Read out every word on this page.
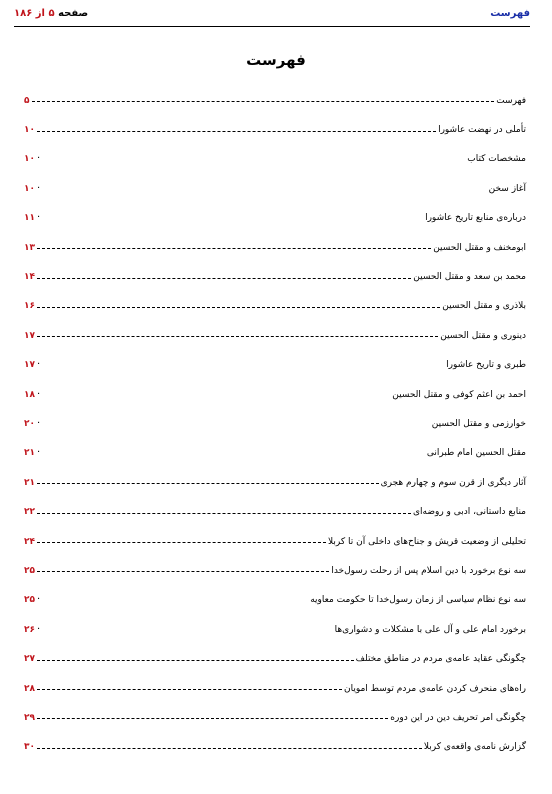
فهرست
صفحه ۵ از ۱۸۶
فهرست
فهرست
۵
تأملی در نهضت عاشورا
۱۰
مشخصات کتاب
۱۰
آغاز سخن
۱۰
درباره‌ی منابع تاریخ عاشورا
۱۱
ابومخنف و مقتل الحسین
۱۳
محمد بن سعد و مقتل الحسین
۱۴
بلاذری و مقتل الحسین
۱۶
دینوری و مقتل الحسین
۱۷
طبری و تاریخ عاشورا
۱۷
احمد بن اعثم کوفی و مقتل الحسین
۱۸
خوارزمی و مقتل الحسین
۲۰
مقتل الحسین امام طبرانی
۲۱
آثار دیگری از قرن سوم و چهارم هجری
۲۱
منابع داستانی، ادبی و روضه‌ای
۲۲
تحلیلی از وضعیت قریش و جناح‌های داخلی آن تا کربلا
۲۴
سه نوع برخورد با دین اسلام پس از رحلت رسول‌خدا
۲۵
سه نوع نظام سیاسی از زمان رسول‌خدا تا حکومت معاویه
۲۵
برخورد امام علی و آل علی با مشکلات و دشواری‌ها
۲۶
چگونگی عقاید عامه‌ی مردم در مناطق مختلف
۲۷
راه‌های منحرف کردن عامه‌ی مردم توسط امویان
۲۸
چگونگی امر تحریف دین در این دوره
۲۹
گزارش نامه‌ی واقعه‌ی کربلا
۳۰
